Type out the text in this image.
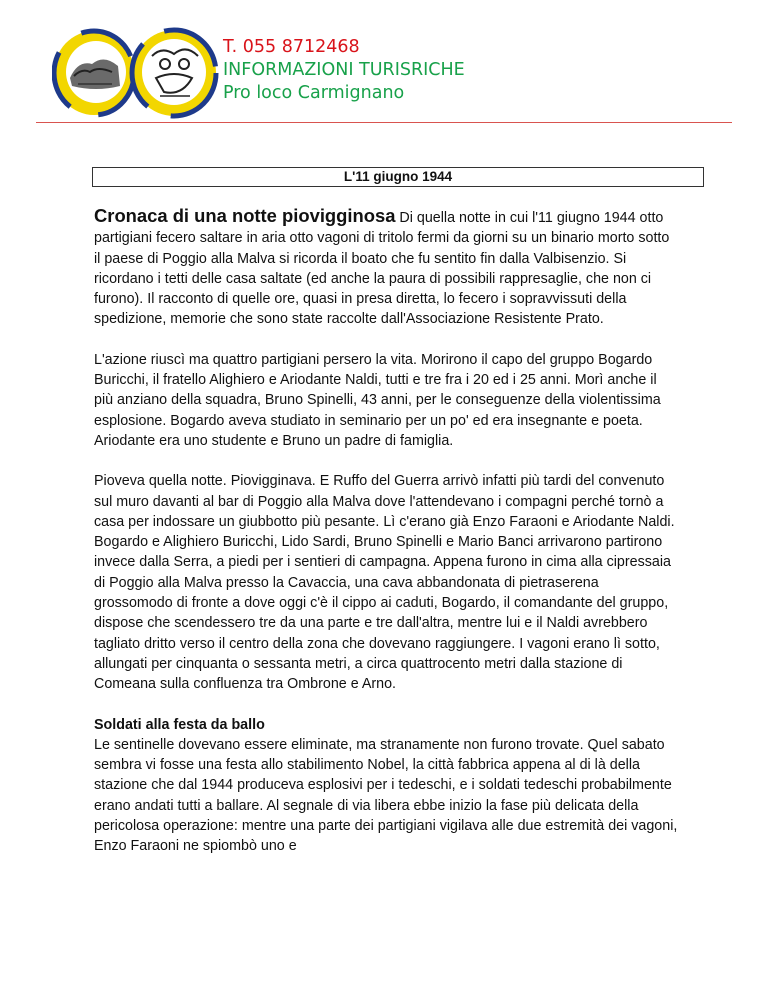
T. 055 8712468
INFORMAZIONI TURISRICHE
Pro loco Carmignano
L'11 giugno 1944

Cronaca di una notte piovigginosa Di quella notte in cui l'11 giugno 1944 otto partigiani fecero saltare in aria otto vagoni di tritolo fermi da giorni su un binario morto sotto il paese di Poggio alla Malva si ricorda il boato che fu sentito fin dalla Valbisenzio. Si ricordano i tetti delle casa saltate (ed anche la paura di possibili rappresaglie, che non ci furono). Il racconto di quelle ore, quasi in presa diretta, lo fecero i sopravvissuti della spedizione, memorie che sono state raccolte dall'Associazione Resistente Prato.

L'azione riuscì ma quattro partigiani persero la vita. Morirono il capo del gruppo Bogardo Buricchi, il fratello Alighiero e Ariodante Naldi, tutti e tre fra i 20 ed i 25 anni. Morì anche il più anziano della squadra, Bruno Spinelli, 43 anni, per le conseguenze della violentissima esplosione. Bogardo aveva studiato in seminario per un po' ed era insegnante e poeta. Ariodante era uno studente e Bruno un padre di famiglia.

Pioveva quella notte. Piovigginava. E Ruffo del Guerra arrivò infatti più tardi del convenuto sul muro davanti al bar di Poggio alla Malva dove l'attendevano i compagni perché tornò a casa per indossare un giubbotto più pesante. Lì c'erano già Enzo Faraoni e Ariodante Naldi. Bogardo e Alighiero Buricchi, Lido Sardi, Bruno Spinelli e Mario Banci arrivarono partirono invece dalla Serra, a piedi per i sentieri di campagna. Appena furono in cima alla cipressaia di Poggio alla Malva presso la Cavaccia, una cava abbandonata di pietraserena grossomodo di fronte a dove oggi c'è il cippo ai caduti, Bogardo, il comandante del gruppo, dispose che scendessero tre da una parte e tre dall'altra, mentre lui e il Naldi avrebbero tagliato dritto verso il centro della zona che dovevano raggiungere. I vagoni erano lì sotto, allungati per cinquanta o sessanta metri, a circa quattrocento metri dalla stazione di Comeana sulla confluenza tra Ombrone e Arno.

Soldati alla festa da ballo
Le sentinelle dovevano essere eliminate, ma stranamente non furono trovate. Quel sabato sembra vi fosse una festa allo stabilimento Nobel, la città fabbrica appena al di là della stazione che dal 1944 produceva esplosivi per i tedeschi, e i soldati tedeschi probabilmente erano andati tutti a ballare. Al segnale di via libera ebbe inizio la fase più delicata della pericolosa operazione: mentre una parte dei partigiani vigilava alle due estremità dei vagoni, Enzo Faraoni ne spiombò uno e
